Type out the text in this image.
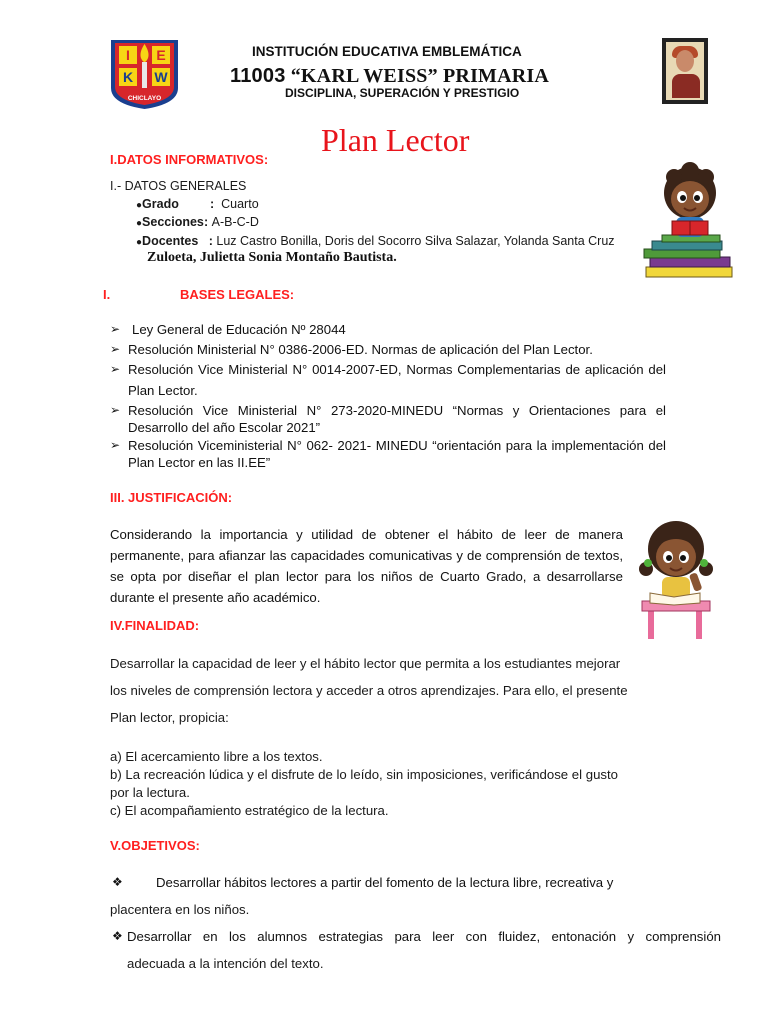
I E
K W
CHICLAYO
INSTITUCIÓN EDUCATIVA EMBLEMÁTICA
11003 “KARL WEISS” PRIMARIA
DISCIPLINA, SUPERACIÓN Y PRESTIGIO
Plan Lector
I.DATOS INFORMATIVOS:
I.- DATOS GENERALES
●Grado : Cuarto
●Secciones : A-B-C-D
●Docentes   : Luz Castro Bonilla, Doris del Socorro Silva Salazar, Yolanda Santa Cruz
Zuloeta, Julietta Sonia Montaño Bautista.
I.	BASES LEGALES:
➢ Ley General de Educación Nº 28044
➢ Resolución Ministerial N° 0386-2006-ED. Normas de aplicación del Plan Lector.
➢ Resolución Vice Ministerial N° 0014-2007-ED, Normas Complementarias de aplicación del Plan Lector.
➢ Resolución Vice Ministerial N° 273-2020-MINEDU “Normas y Orientaciones para el Desarrollo del año Escolar 2021”
➢ Resolución Viceministerial N° 062- 2021- MINEDU “orientación para la implementación del Plan Lector en las II.EE”
III. JUSTIFICACIÓN:
Considerando la importancia y utilidad de obtener el hábito de leer de manera permanente, para afianzar las capacidades comunicativas y de comprensión de textos, se opta por diseñar el plan lector para los niños de Cuarto Grado, a desarrollarse durante el presente año académico.
IV.FINALIDAD:
Desarrollar la capacidad de leer y el hábito lector que permita a los estudiantes mejorar
los niveles de comprensión lectora y acceder a otros aprendizajes. Para ello, el presente
Plan lector, propicia:
a) El acercamiento libre a los textos.
b) La recreación lúdica y el disfrute de lo leído, sin imposiciones, verificándose el gusto
por la lectura.
c) El acompañamiento estratégico de la lectura.
V.OBJETIVOS:
❖	Desarrollar hábitos lectores a partir del fomento de la lectura libre, recreativa y
placentera en los niños.
❖ Desarrollar en los alumnos estrategias para leer con fluidez, entonación y comprensión
adecuada a la intención del texto.
